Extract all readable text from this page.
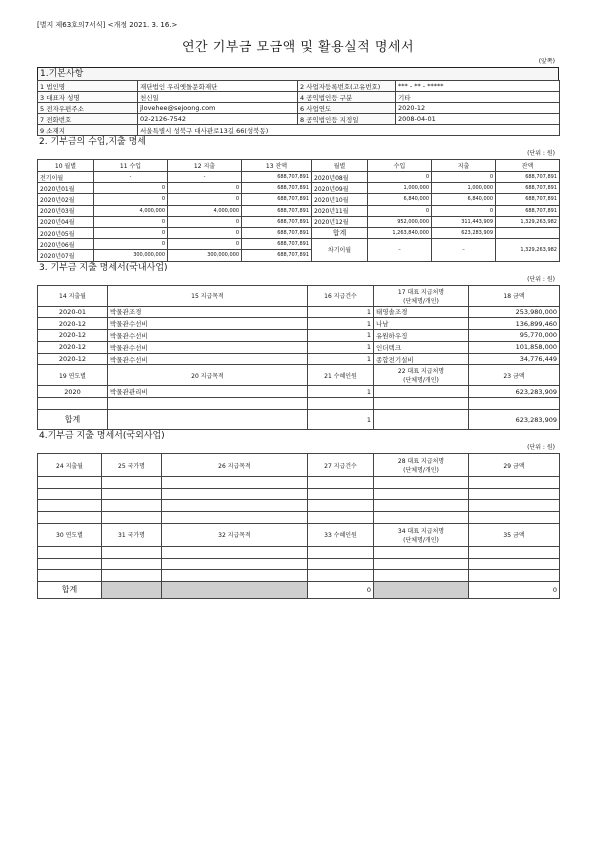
[별지 제63호의7서식] <개정 2021. 3. 16.>
연간 기부금 모금액 및 활용실적 명세서
(앞쪽)
1.기본사항
1 법인명	재단법인 우리옛돌문화재단	2 사업자등록번호(고유번호)	*** - ** - *****
3 대표자 성명	천신일	4 공익법인등 구분	기타
5 전자우편주소	jlovehee@sejoong.com	6 사업연도	2020-12
7 전화번호	02-2126-7542	8 공익법인등 지정일	2008-04-01
9 소재지	서울특별시 성북구 대사관로13길 66(성북동)		
2. 기부금의 수입,지출 명세
(단위 : 원)
10 월별	11 수입	12 지출	13 잔액	월별	수입	지출	잔액
전기이월	-	-	688,707,891	2020년08월	0	0	688,707,891
2020년01월	0	0	688,707,891	2020년09월	1,000,000	1,000,000	688,707,891
2020년02월	0	0	688,707,891	2020년10월	6,840,000	6,840,000	688,707,891
2020년03월	4,000,000	4,000,000	688,707,891	2020년11월	0	0	688,707,891
2020년04월	0	0	688,707,891	2020년12월	952,000,000	311,443,909	1,329,263,982
2020년05월	0	0	688,707,891	합계	1,263,840,000	623,283,909	
2020년06월	0	0	688,707,891	차기이월	–	–	1,329,263,982
2020년07월	300,000,000	300,000,000	688,707,891				
3. 기부금 지출 명세서(국내사업)
(단위 : 원)
14 지출월	15 지급목적	16 지급건수	17 대표 지급처명
(단체명/개인)	18 금액
2020-01	박물관조경	1	태영솔조경	253,980,000
2020-12	박물관수선비	1	나남	136,899,460
2020-12	박물관수선비	1	유원하우징	95,770,000
2020-12	박물관수선비	1	인더텍크	101,858,000
2020-12	박물관수선비	1	종합전기설비	34,776,449
19 연도별	20 지급목적	21 수혜인원	22 대표 지급처명
(단체명/개인)	23 금액
2020	박물관관리비	1		623,283,909

합계		1		623,283,909
4.기부금 지출 명세서(국외사업)
(단위 : 원)
24 지출월	25 국가명	26 지급목적	27 지급건수	28 대표 지급처명
(단체명/개인)	29 금액

30 연도별	31 국가명	32 지급목적	33 수혜인원	34 대표 지급처명
(단체명/개인)	35 금액

합계			0		0
